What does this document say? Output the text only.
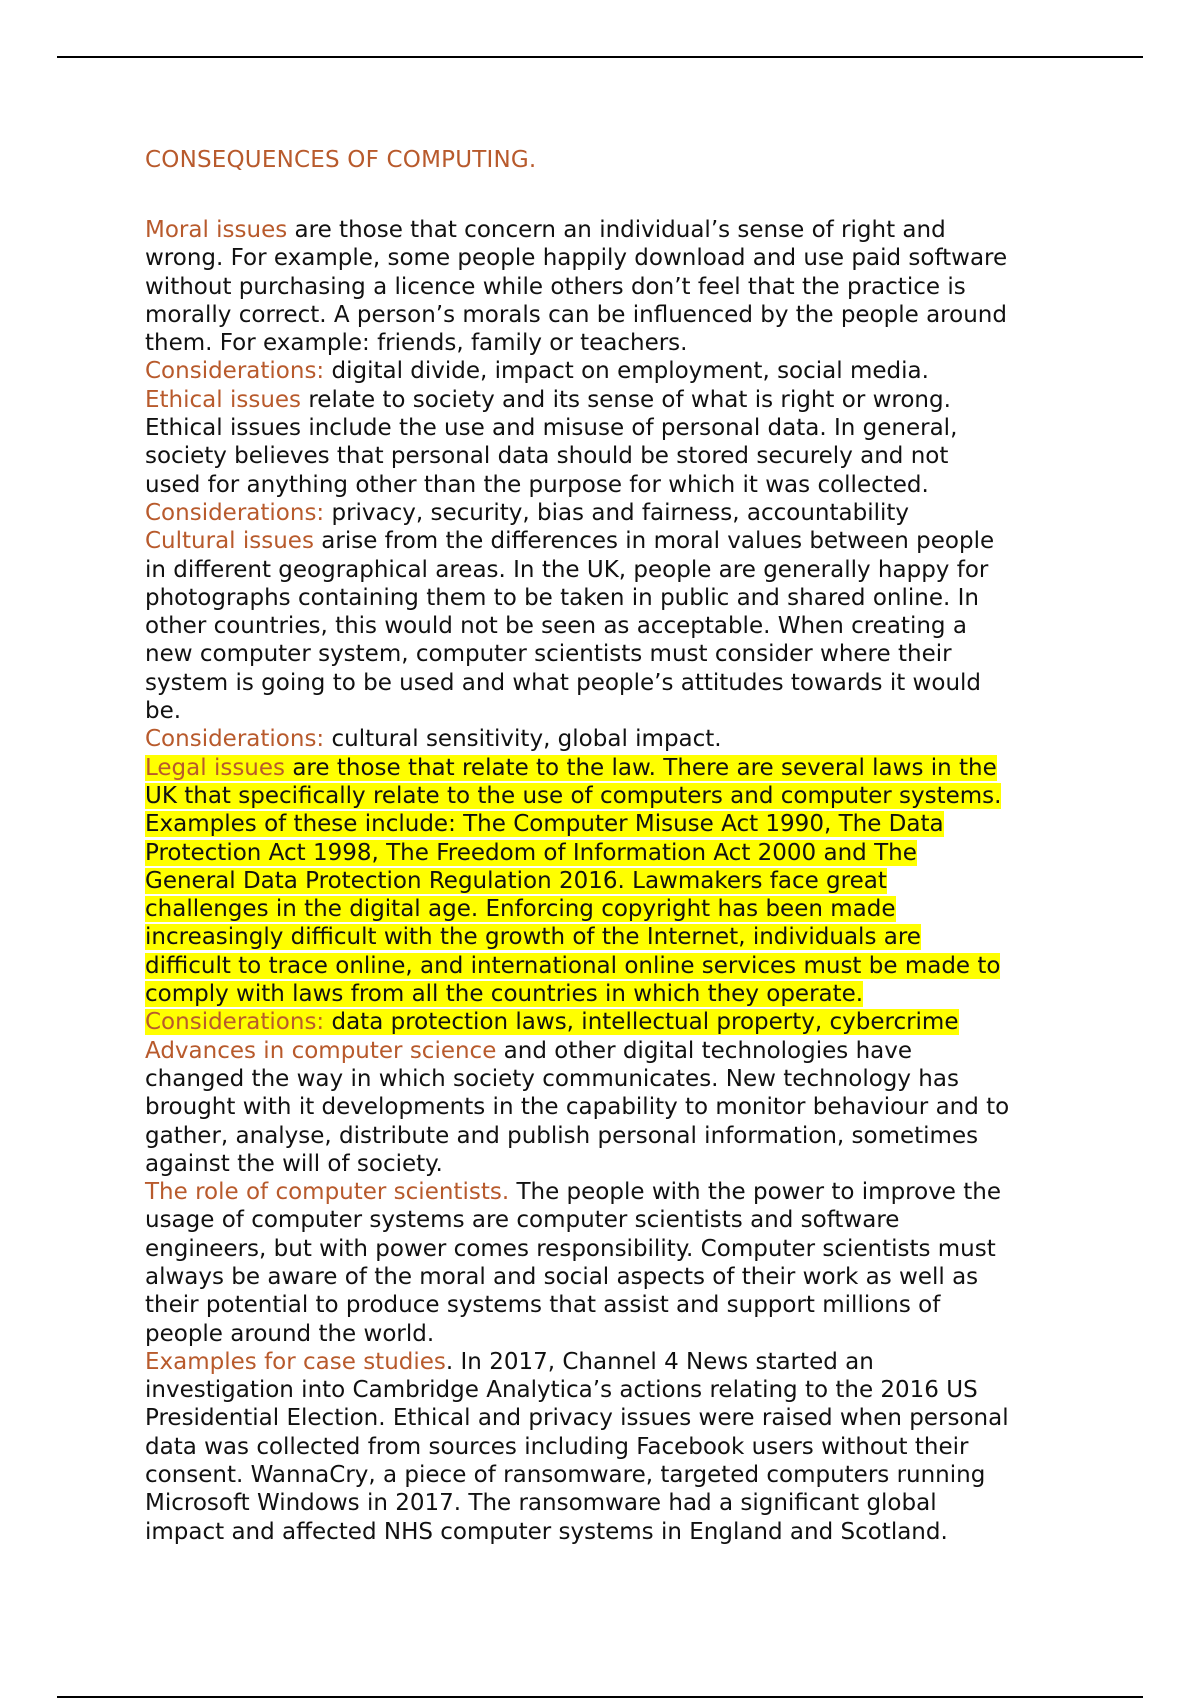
CONSEQUENCES OF COMPUTING.

Moral issues are those that concern an individual’s sense of right and
wrong. For example, some people happily download and use paid software
without purchasing a licence while others don’t feel that the practice is
morally correct. A person’s morals can be influenced by the people around
them. For example: friends, family or teachers.

Considerations: digital divide, impact on employment, social media.

Ethical issues relate to society and its sense of what is right or wrong.
Ethical issues include the use and misuse of personal data. In general,
society believes that personal data should be stored securely and not
used for anything other than the purpose for which it was collected.

Considerations: privacy, security, bias and fairness, accountability

Cultural issues arise from the differences in moral values between people
in different geographical areas. In the UK, people are generally happy for
photographs containing them to be taken in public and shared online. In
other countries, this would not be seen as acceptable. When creating a
new computer system, computer scientists must consider where their
system is going to be used and what people’s attitudes towards it would
be.

Considerations: cultural sensitivity, global impact.

Legal issues are those that relate to the law. There are several laws in the
UK that specifically relate to the use of computers and computer systems.
Examples of these include: The Computer Misuse Act 1990, The Data
Protection Act 1998, The Freedom of Information Act 2000 and The
General Data Protection Regulation 2016. Lawmakers face great
challenges in the digital age. Enforcing copyright has been made
increasingly difficult with the growth of the Internet, individuals are
difficult to trace online, and international online services must be made to
comply with laws from all the countries in which they operate.

Considerations: data protection laws, intellectual property, cybercrime

Advances in computer science and other digital technologies have
changed the way in which society communicates. New technology has
brought with it developments in the capability to monitor behaviour and to
gather, analyse, distribute and publish personal information, sometimes
against the will of society.

The role of computer scientists. The people with the power to improve the
usage of computer systems are computer scientists and software
engineers, but with power comes responsibility. Computer scientists must
always be aware of the moral and social aspects of their work as well as
their potential to produce systems that assist and support millions of
people around the world.

Examples for case studies. In 2017, Channel 4 News started an
investigation into Cambridge Analytica’s actions relating to the 2016 US
Presidential Election. Ethical and privacy issues were raised when personal
data was collected from sources including Facebook users without their
consent. WannaCry, a piece of ransomware, targeted computers running
Microsoft Windows in 2017. The ransomware had a significant global
impact and affected NHS computer systems in England and Scotland.
